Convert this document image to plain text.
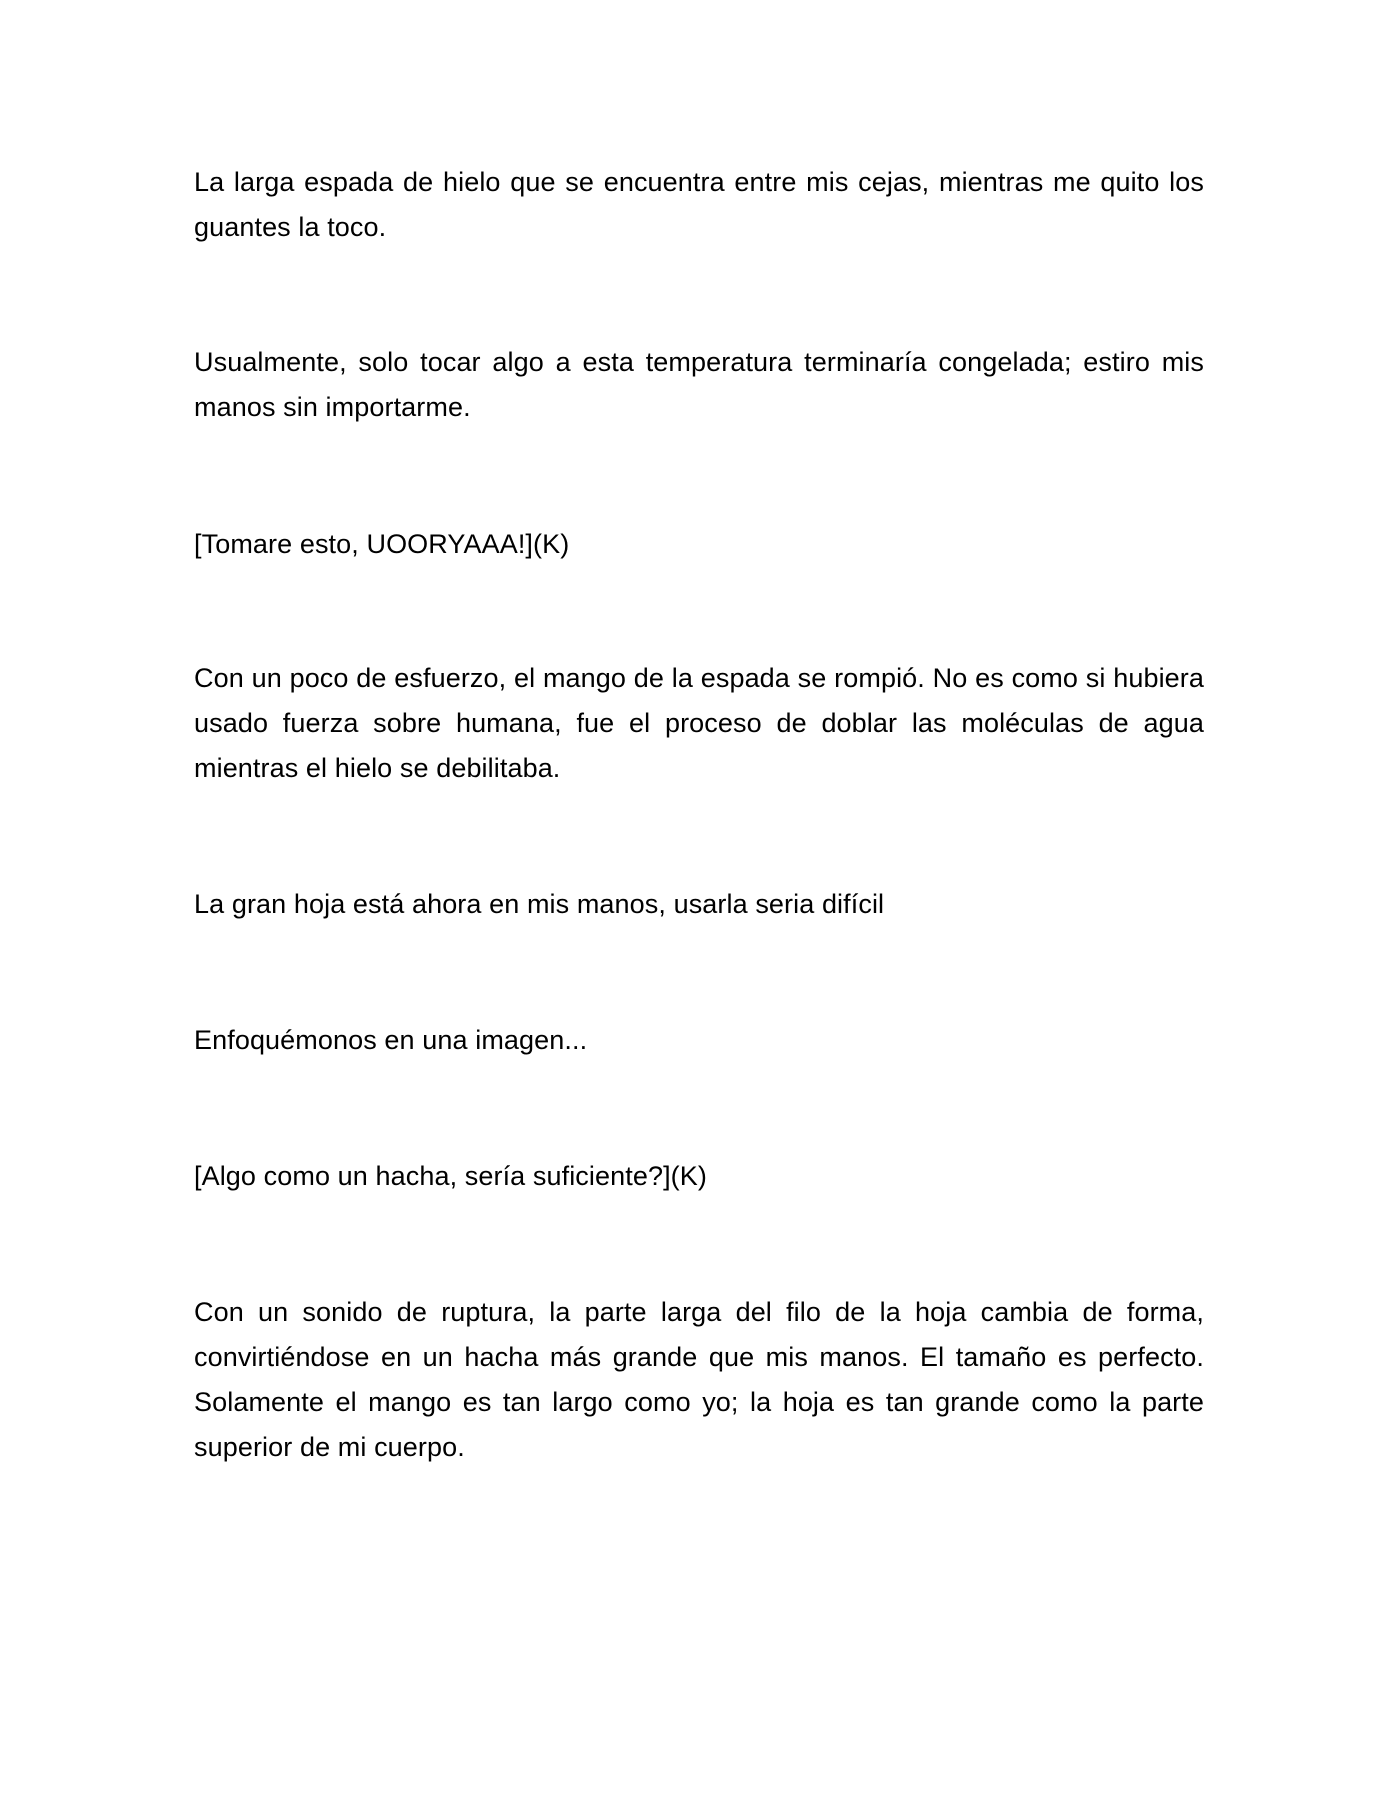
La larga espada de hielo que se encuentra entre mis cejas, mientras me quito los guantes la toco.

Usualmente, solo tocar algo a esta temperatura terminaría congelada; estiro mis manos sin importarme.

[Tomare esto, UOORYAAA!](K)

Con un poco de esfuerzo, el mango de la espada se rompió. No es como si hubiera usado fuerza sobre humana, fue el proceso de doblar las moléculas de agua mientras el hielo se debilitaba.

La gran hoja está ahora en mis manos, usarla seria difícil

Enfoquémonos en una imagen...

[Algo como un hacha, sería suficiente?](K)

Con un sonido de ruptura, la parte larga del filo de la hoja cambia de forma, convirtiéndose en un hacha más grande que mis manos. El tamaño es perfecto. Solamente el mango es tan largo como yo; la hoja es tan grande como la parte superior de mi cuerpo.
